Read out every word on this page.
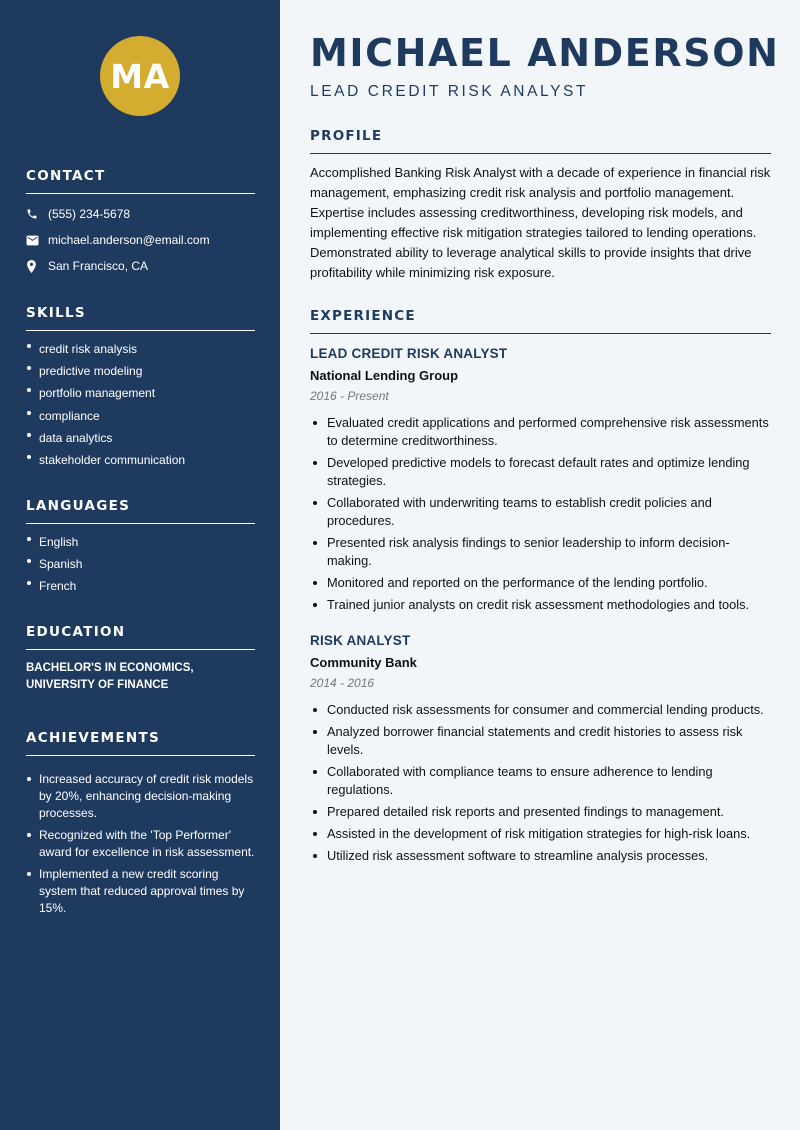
MA
CONTACT
(555) 234-5678
michael.anderson@email.com
San Francisco, CA
SKILLS
credit risk analysis
predictive modeling
portfolio management
compliance
data analytics
stakeholder communication
LANGUAGES
English
Spanish
French
EDUCATION
BACHELOR'S IN ECONOMICS, UNIVERSITY OF FINANCE
ACHIEVEMENTS
Increased accuracy of credit risk models by 20%, enhancing decision-making processes.
Recognized with the 'Top Performer' award for excellence in risk assessment.
Implemented a new credit scoring system that reduced approval times by 15%.
MICHAEL ANDERSON
LEAD CREDIT RISK ANALYST
PROFILE

Accomplished Banking Risk Analyst with a decade of experience in financial risk management, emphasizing credit risk analysis and portfolio management. Expertise includes assessing creditworthiness, developing risk models, and implementing effective risk mitigation strategies tailored to lending operations. Demonstrated ability to leverage analytical skills to provide insights that drive profitability while minimizing risk exposure.

EXPERIENCE
LEAD CREDIT RISK ANALYST
National Lending Group
2016 - Present
Evaluated credit applications and performed comprehensive risk assessments to determine creditworthiness.
Developed predictive models to forecast default rates and optimize lending strategies.
Collaborated with underwriting teams to establish credit policies and procedures.
Presented risk analysis findings to senior leadership to inform decision-making.
Monitored and reported on the performance of the lending portfolio.
Trained junior analysts on credit risk assessment methodologies and tools.
RISK ANALYST
Community Bank
2014 - 2016
Conducted risk assessments for consumer and commercial lending products.
Analyzed borrower financial statements and credit histories to assess risk levels.
Collaborated with compliance teams to ensure adherence to lending regulations.
Prepared detailed risk reports and presented findings to management.
Assisted in the development of risk mitigation strategies for high-risk loans.
Utilized risk assessment software to streamline analysis processes.
